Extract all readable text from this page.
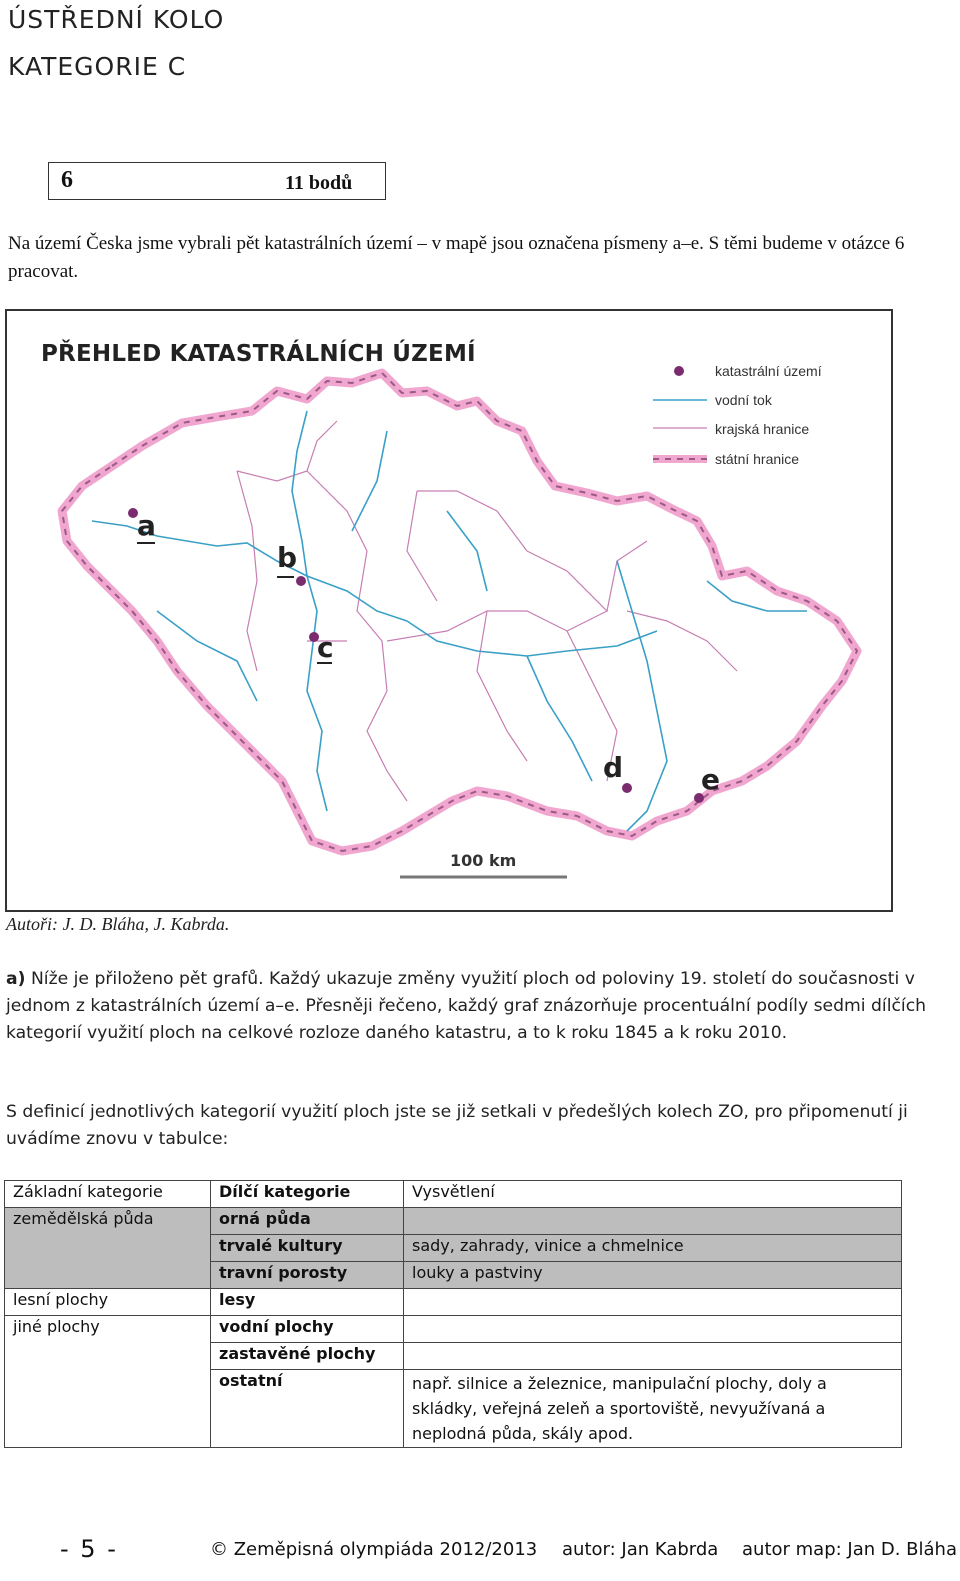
ÚSTŘEDNÍ KOLO
KATEGORIE C
6	11 bodů
Na území Česka jsme vybrali pět katastrálních území – v mapě jsou označena písmeny a–e. S těmi budeme v otázce 6 pracovat.
PŘEHLED KATASTRÁLNÍCH ÚZEMÍ
katastrální území
vodní tok
krajská hranice
státní hranice
a
b
c
d	e
100 km
Autoři: J. D. Bláha, J. Kabrda.
a) Níže je přiloženo pět grafů. Každý ukazuje změny využití ploch od poloviny 19. století do současnosti v jednom z katastrálních území a–e. Přesněji řečeno, každý graf znázorňuje procentuální podíly sedmi dílčích kategorií využití ploch na celkové rozloze daného katastru, a to k roku 1845 a k roku 2010.
S definicí jednotlivých kategorií využití ploch jste se již setkali v předešlých kolech ZO, pro připomenutí ji uvádíme znovu v tabulce:
Základní kategorie	Dílčí kategorie	Vysvětlení
zemědělská půda	orná půda	
	trvalé kultury	sady, zahrady, vinice a chmelnice
	travní porosty	louky a pastviny
lesní plochy	lesy	
jiné plochy	vodní plochy	
	zastavěné plochy	
	ostatní	např. silnice a železnice, manipulační plochy, doly a skládky, veřejná zeleň a sportoviště, nevyužívaná a neplodná půda, skály apod.
- 5 -	© Zeměpisná olympiáda 2012/2013 autor: Jan Kabrda autor map: Jan D. Bláha
